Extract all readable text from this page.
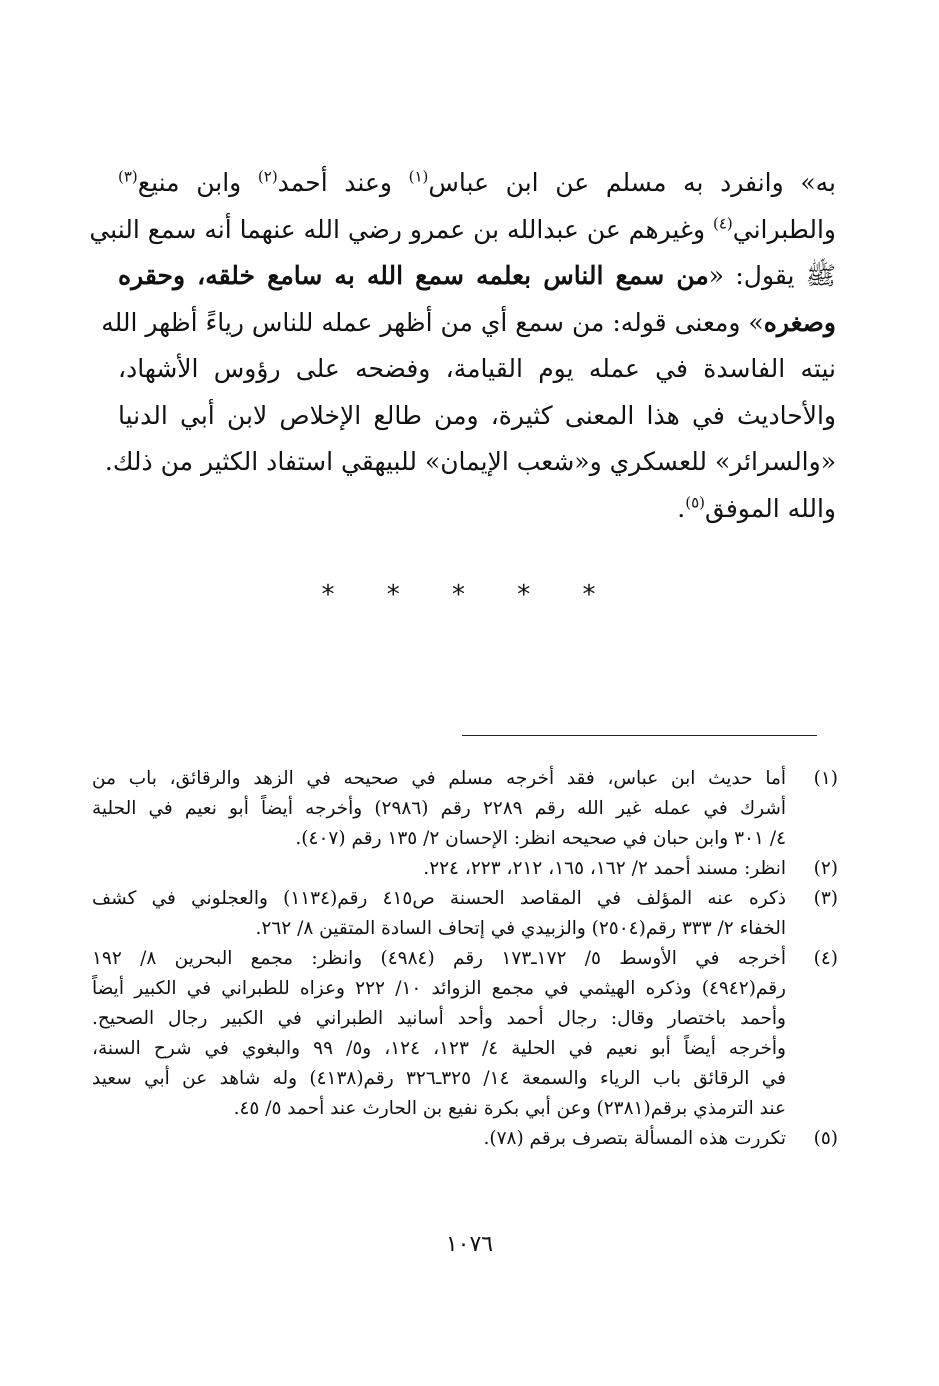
به» وانفرد به مسلم عن ابن عباس$^{(١)}$ وعند أحمد$^{(٢)}$ وابن منيع$^{(٣)}$
والطبراني$^{(٤)}$ وغيرهم عن عبدالله بن عمرو رضي الله عنهما أنه سمع النبي
ﷺ يقول: «من سمع الناس بعلمه سمع الله به سامع خلقه، وحقره
وصغره» ومعنى قوله: من سمع أي من أظهر عمله للناس رياءً أظهر الله
نيته الفاسدة في عمله يوم القيامة، وفضحه على رؤوس الأشهاد،
والأحاديث في هذا المعنى كثيرة، ومن طالع الإخلاص لابن أبي الدنيا
«والسرائر» للعسكري و«شعب الإيمان» للبيهقي استفاد الكثير من ذلك.
والله الموفق$^{(٥)}$.
* * * * *
(١)
أما حديث ابن عباس، فقد أخرجه مسلم في صحيحه في الزهد والرقائق، باب من
أشرك في عمله غير الله رقم ٢٢٨٩ رقم (٢٩٨٦) وأخرجه أيضاً أبو نعيم في الحلية
٤/ ٣٠١ وابن حبان في صحيحه انظر: الإحسان ٢/ ١٣٥ رقم (٤٠٧).
(٢)
انظر: مسند أحمد ٢/ ١٦٢، ١٦٥، ٢١٢، ٢٢٣، ٢٢٤.
(٣)
ذكره عنه المؤلف في المقاصد الحسنة ص٤١٥ رقم(١١٣٤) والعجلوني في كشف
الخفاء ٢/ ٣٣٣ رقم(٢٥٠٤) والزبيدي في إتحاف السادة المتقين ٨/ ٢٦٢.
(٤)
أخرجه في الأوسط ٥/ ١٧٢ـ١٧٣ رقم (٤٩٨٤) وانظر: مجمع البحرين ٨/ ١٩٢
رقم(٤٩٤٢) وذكره الهيثمي في مجمع الزوائد ١٠/ ٢٢٢ وعزاه للطبراني في الكبير أيضاً
وأحمد باختصار وقال: رجال أحمد وأحد أسانيد الطبراني في الكبير رجال الصحيح.
وأخرجه أيضاً أبو نعيم في الحلية ٤/ ١٢٣، ١٢٤، و٥/ ٩٩ والبغوي في شرح السنة،
في الرقائق باب الرياء والسمعة ١٤/ ٣٢٥ـ٣٢٦ رقم(٤١٣٨) وله شاهد عن أبي سعيد
عند الترمذي برقم(٢٣٨١) وعن أبي بكرة نفيع بن الحارث عند أحمد ٥/ ٤٥.
(٥)
تكررت هذه المسألة بتصرف برقم (٧٨).
١٠٧٦
